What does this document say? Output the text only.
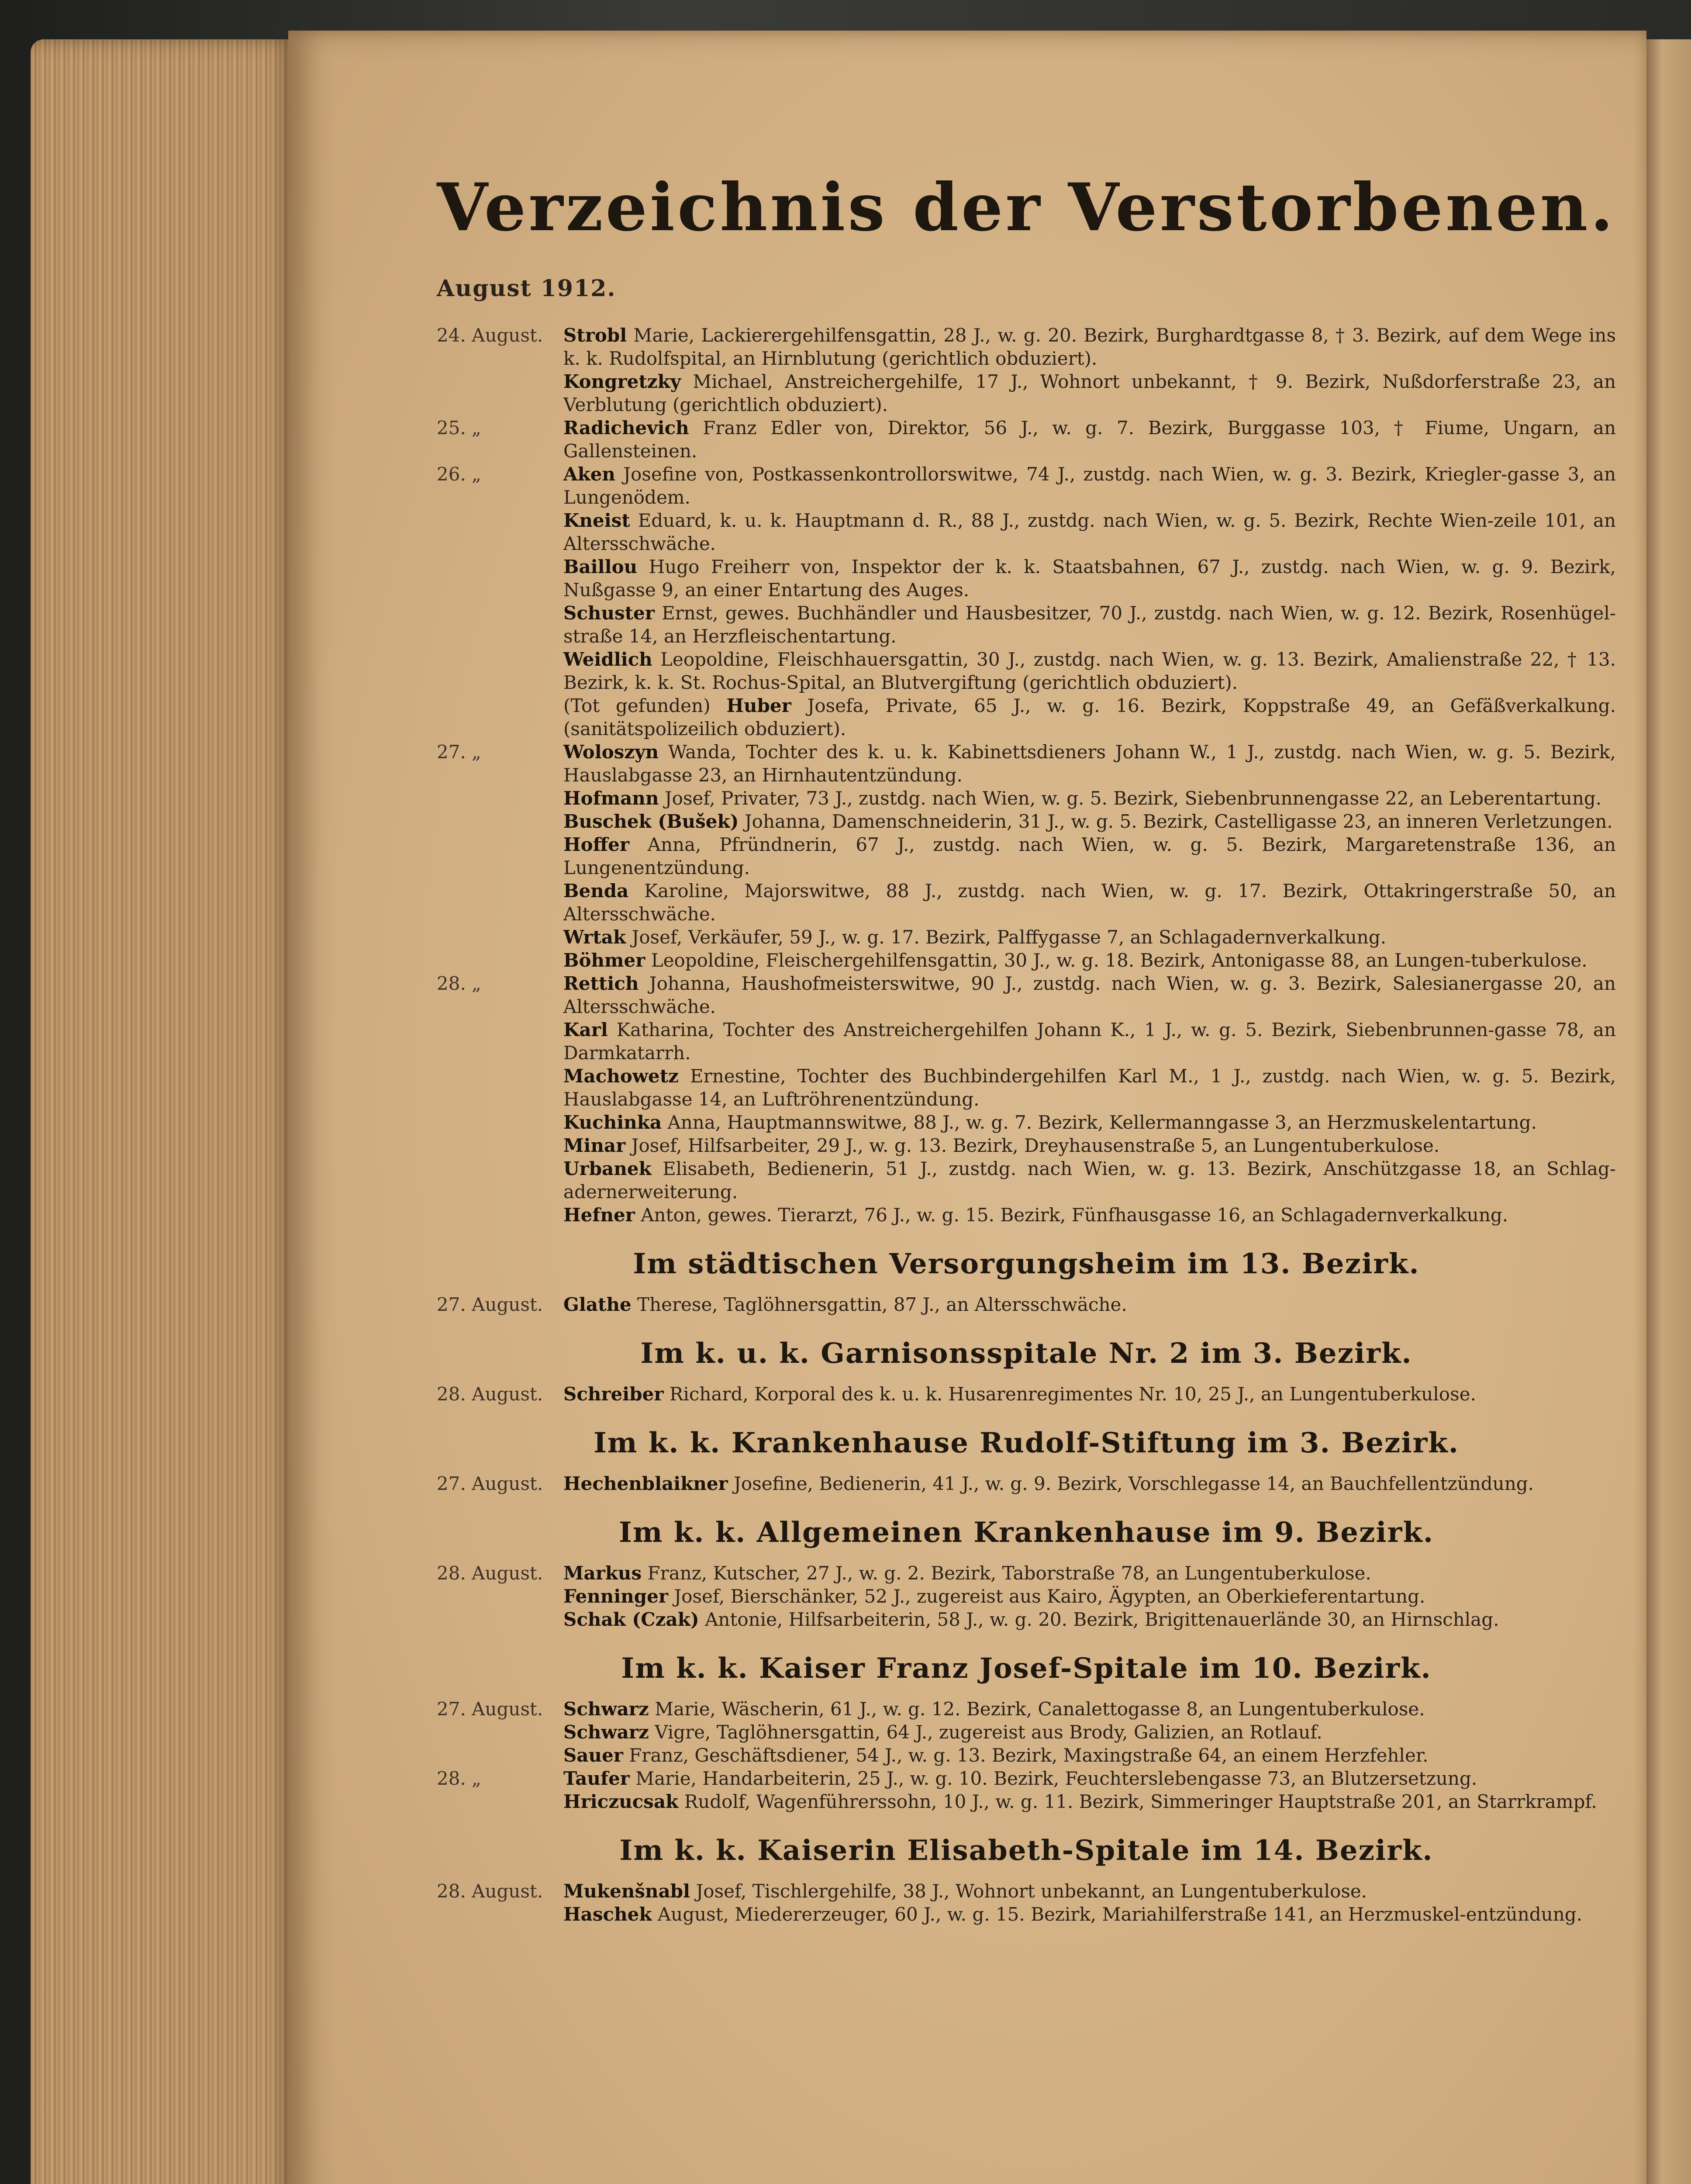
Verzeichnis der Verstorbenen.
August 1912.
24. August.	Strobl Marie, Lackierergehilfensgattin, 28 J., w. g. 20. Bezirk, Burghardtgasse 8, † 3. Bezirk, auf dem Wege ins k. k. Rudolfspital, an Hirnblutung (gerichtlich obduziert).
Kongretzky Michael, Anstreichergehilfe, 17 J., Wohnort unbekannt, † 9. Bezirk, Nußdorferstraße 23, an Verblutung (gerichtlich obduziert).
25. „	Radichevich Franz Edler von, Direktor, 56 J., w. g. 7. Bezirk, Burggasse 103, † Fiume, Ungarn, an Gallensteinen.
26. „	Aken Josefine von, Postkassenkontrollorswitwe, 74 J., zustdg. nach Wien, w. g. 3. Bezirk, Kriegler-gasse 3, an Lungenödem.
Kneist Eduard, k. u. k. Hauptmann d. R., 88 J., zustdg. nach Wien, w. g. 5. Bezirk, Rechte Wien-zeile 101, an Altersschwäche.
Baillou Hugo Freiherr von, Inspektor der k. k. Staatsbahnen, 67 J., zustdg. nach Wien, w. g. 9. Bezirk, Nußgasse 9, an einer Entartung des Auges.
Schuster Ernst, gewes. Buchhändler und Hausbesitzer, 70 J., zustdg. nach Wien, w. g. 12. Bezirk, Rosenhügel-straße 14, an Herzfleischentartung.
Weidlich Leopoldine, Fleischhauersgattin, 30 J., zustdg. nach Wien, w. g. 13. Bezirk, Amalienstraße 22, † 13. Bezirk, k. k. St. Rochus-Spital, an Blutvergiftung (gerichtlich obduziert).
(Tot gefunden) Huber Josefa, Private, 65 J., w. g. 16. Bezirk, Koppstraße 49, an Gefäßverkalkung. (sanitätspolizeilich obduziert).
27. „	Woloszyn Wanda, Tochter des k. u. k. Kabinettsdieners Johann W., 1 J., zustdg. nach Wien, w. g. 5. Bezirk, Hauslabgasse 23, an Hirnhautentzündung.
Hofmann Josef, Privater, 73 J., zustdg. nach Wien, w. g. 5. Bezirk, Siebenbrunnengasse 22, an Leberentartung.
Buschek (Bušek) Johanna, Damenschneiderin, 31 J., w. g. 5. Bezirk, Castelligasse 23, an inneren Verletzungen.
Hoffer Anna, Pfründnerin, 67 J., zustdg. nach Wien, w. g. 5. Bezirk, Margaretenstraße 136, an Lungenentzündung.
Benda Karoline, Majorswitwe, 88 J., zustdg. nach Wien, w. g. 17. Bezirk, Ottakringerstraße 50, an Altersschwäche.
Wrtak Josef, Verkäufer, 59 J., w. g. 17. Bezirk, Palffygasse 7, an Schlagadernverkalkung.
Böhmer Leopoldine, Fleischergehilfensgattin, 30 J., w. g. 18. Bezirk, Antonigasse 88, an Lungen-tuberkulose.
28. „	Rettich Johanna, Haushofmeisterswitwe, 90 J., zustdg. nach Wien, w. g. 3. Bezirk, Salesianergasse 20, an Altersschwäche.
Karl Katharina, Tochter des Anstreichergehilfen Johann K., 1 J., w. g. 5. Bezirk, Siebenbrunnen-gasse 78, an Darmkatarrh.
Machowetz Ernestine, Tochter des Buchbindergehilfen Karl M., 1 J., zustdg. nach Wien, w. g. 5. Bezirk, Hauslabgasse 14, an Luftröhrenentzündung.
Kuchinka Anna, Hauptmannswitwe, 88 J., w. g. 7. Bezirk, Kellermanngasse 3, an Herzmuskelentartung.
Minar Josef, Hilfsarbeiter, 29 J., w. g. 13. Bezirk, Dreyhausenstraße 5, an Lungentuberkulose.
Urbanek Elisabeth, Bedienerin, 51 J., zustdg. nach Wien, w. g. 13. Bezirk, Anschützgasse 18, an Schlag-adernerweiterung.
Hefner Anton, gewes. Tierarzt, 76 J., w. g. 15. Bezirk, Fünfhausgasse 16, an Schlagadernverkalkung.
Im städtischen Versorgungsheim im 13. Bezirk.
27. August.	Glathe Therese, Taglöhnersgattin, 87 J., an Altersschwäche.
Im k. u. k. Garnisonsspitale Nr. 2 im 3. Bezirk.
28. August.	Schreiber Richard, Korporal des k. u. k. Husarenregimentes Nr. 10, 25 J., an Lungentuberkulose.
Im k. k. Krankenhause Rudolf-Stiftung im 3. Bezirk.
27. August.	Hechenblaikner Josefine, Bedienerin, 41 J., w. g. 9. Bezirk, Vorschlegasse 14, an Bauchfellentzündung.
Im k. k. Allgemeinen Krankenhause im 9. Bezirk.
28. August.	Markus Franz, Kutscher, 27 J., w. g. 2. Bezirk, Taborstraße 78, an Lungentuberkulose.
Fenninger Josef, Bierschänker, 52 J., zugereist aus Kairo, Ägypten, an Oberkieferentartung.
Schak (Czak) Antonie, Hilfsarbeiterin, 58 J., w. g. 20. Bezirk, Brigittenauerlände 30, an Hirnschlag.
Im k. k. Kaiser Franz Josef-Spitale im 10. Bezirk.
27. August.	Schwarz Marie, Wäscherin, 61 J., w. g. 12. Bezirk, Canalettogasse 8, an Lungentuberkulose.
Schwarz Vigre, Taglöhnersgattin, 64 J., zugereist aus Brody, Galizien, an Rotlauf.
Sauer Franz, Geschäftsdiener, 54 J., w. g. 13. Bezirk, Maxingstraße 64, an einem Herzfehler.
28. „	Taufer Marie, Handarbeiterin, 25 J., w. g. 10. Bezirk, Feuchterslebengasse 73, an Blutzersetzung.
Hriczucsak Rudolf, Wagenführerssohn, 10 J., w. g. 11. Bezirk, Simmeringer Hauptstraße 201, an Starrkrampf.
Im k. k. Kaiserin Elisabeth-Spitale im 14. Bezirk.
28. August.	Mukenšnabl Josef, Tischlergehilfe, 38 J., Wohnort unbekannt, an Lungentuberkulose.
Haschek August, Miedererzeuger, 60 J., w. g. 15. Bezirk, Mariahilferstraße 141, an Herzmuskel-entzündung.
